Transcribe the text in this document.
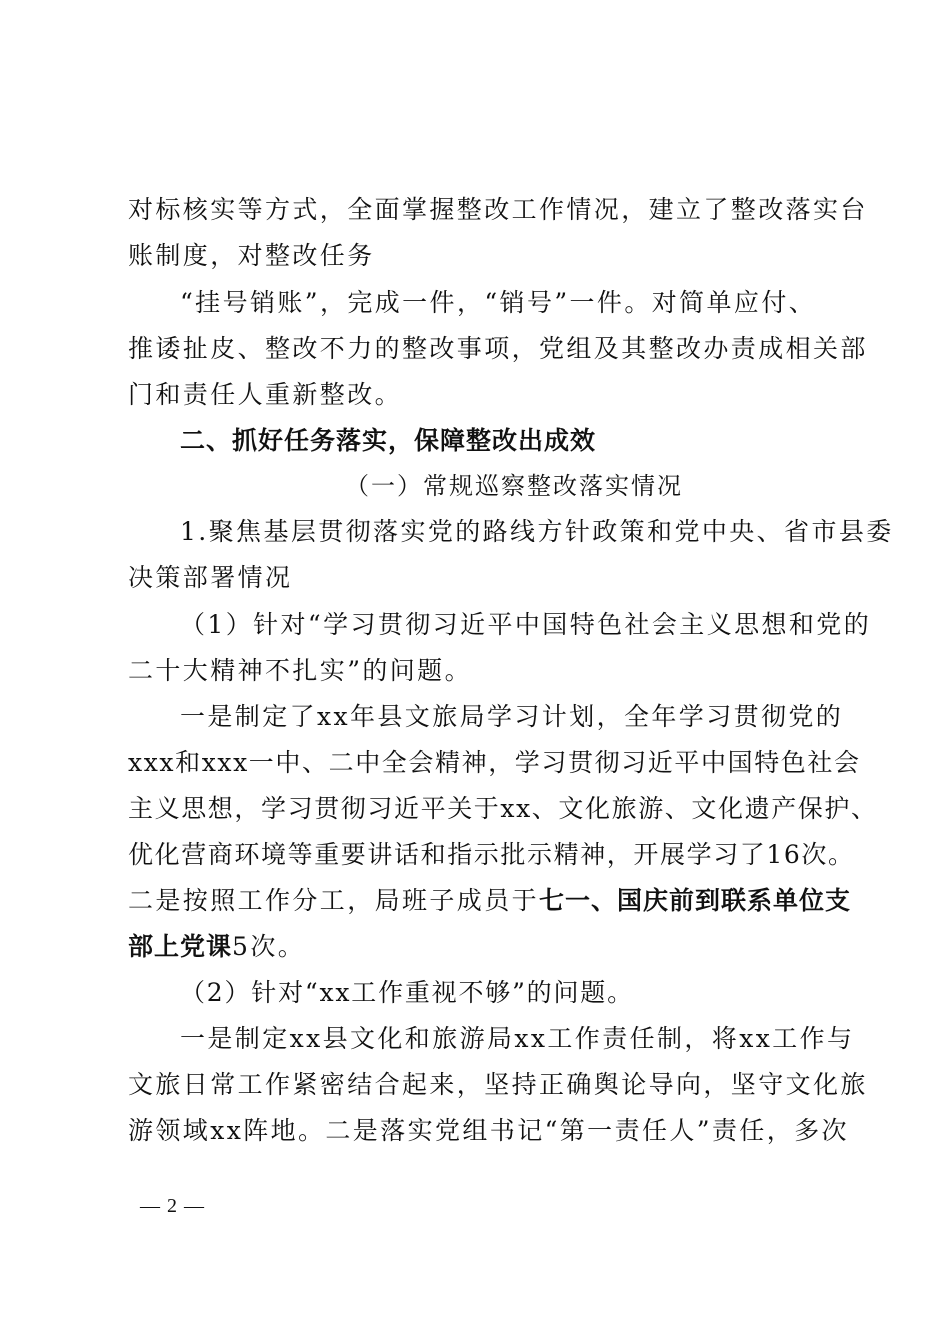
对标核实等方式，全面掌握整改工作情况，建立了整改落实台
账制度，对整改任务
“挂号销账”，完成一件，“销号”一件。对简单应付、
推诿扯皮、整改不力的整改事项，党组及其整改办责成相关部
门和责任人重新整改。
二、抓好任务落实，保障整改出成效
（一）常规巡察整改落实情况
1.聚焦基层贯彻落实党的路线方针政策和党中央、省市县委
决策部署情况
（1）针对“学习贯彻习近平中国特色社会主义思想和党的
二十大精神不扎实”的问题。
一是制定了xx年县文旅局学习计划，全年学习贯彻党的
xxx和xxx一中、二中全会精神，学习贯彻习近平中国特色社会
主义思想，学习贯彻习近平关于xx、文化旅游、文化遗产保护、
优化营商环境等重要讲话和指示批示精神，开展学习了16次。
二是按照工作分工，局班子成员于七一、国庆前到联系单位支
部上党课5次。
（2）针对“xx工作重视不够”的问题。
一是制定xx县文化和旅游局xx工作责任制，将xx工作与
文旅日常工作紧密结合起来，坚持正确舆论导向，坚守文化旅
游领域xx阵地。二是落实党组书记“第一责任人”责任，多次
— 2 —
